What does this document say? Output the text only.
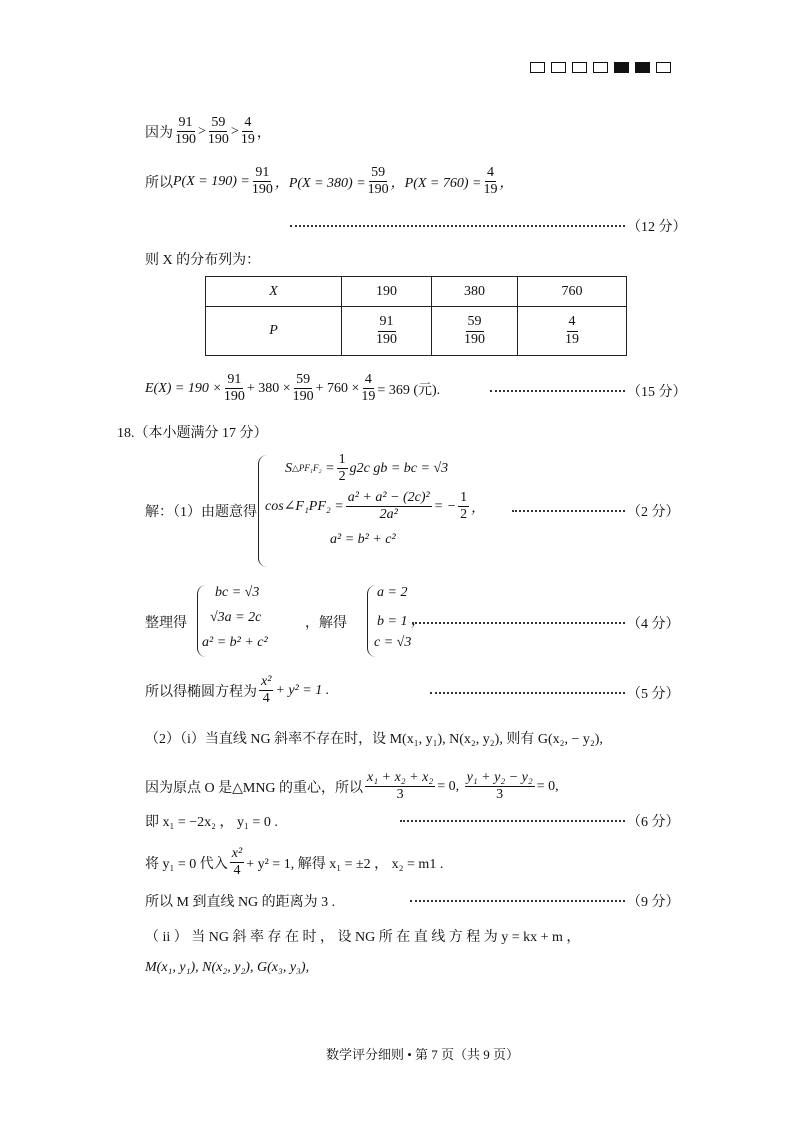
因为 $\frac{91}{190} > \frac{59}{190} > \frac{4}{19}$ ，
所以 $P(X = 190) = \frac{91}{190}$ ，$P(X = 380) = \frac{59}{190}$ ，$P(X = 760) = \frac{4}{19}$ ，
（12 分）
则 X 的分布列为：
X	190	380	760
P	$\frac{91}{190}$	$\frac{59}{190}$	$\frac{4}{19}$
$E(X) = 190 \times \frac{91}{190} + 380 \times \frac{59}{190} + 760 \times \frac{4}{19} = 369$ (元).	（15 分）
18.（本小题满分 17 分）
解：（1）由题意得
S △PF₁F₂
= $\frac{1}{2} g2c$ gb = bc = √3
cos∠F₁PF₂ = $\frac{\text{a² + a² − (2c)²}}{\text{2a²}}$ = − $\frac{1}{2}$ ，
a² = b² + c²
（2 分）
整理得
bc = √3
√3a = 2c
a² = b² + c²
，解得
a = 2
b = 1 ，
c = √3
（4 分）
所以得椭圆方程为 $\frac{\text{x²}}{4} + y^2 = 1$ .	（5 分）
（2）（i）当直线 NG 斜率不存在时，设 M(x₁, y₁), N(x₂, y₂), 则有 G(x₂, − y₂),
因为原点 O 是△MNG 的重心，所以 $\frac{\text{x₁ + x₂ + x₂}}{3} = 0$,
$\frac{\text{y₁ + y₂ − y₂}}{3} = 0$,
即 x₁ = −2x₂ ， y₁ = 0 .	（6 分）
将 y₁ = 0 代入 $\frac{\text{x²}}{4} + y^2 = 1$, 解得 x₁ = ±2 ， x₂ = m1 .
所以 M 到直线 NG 的距离为 3 .	（9 分）
（ ii ） 当 NG 斜 率 存 在 时 ， 设 NG 所 在 直 线 方 程 为 y = kx + m ，
M(x₁, y₁), N(x₂, y₂), G(x₃, y₃),
数学评分细则 • 第 7 页（共 9 页）
